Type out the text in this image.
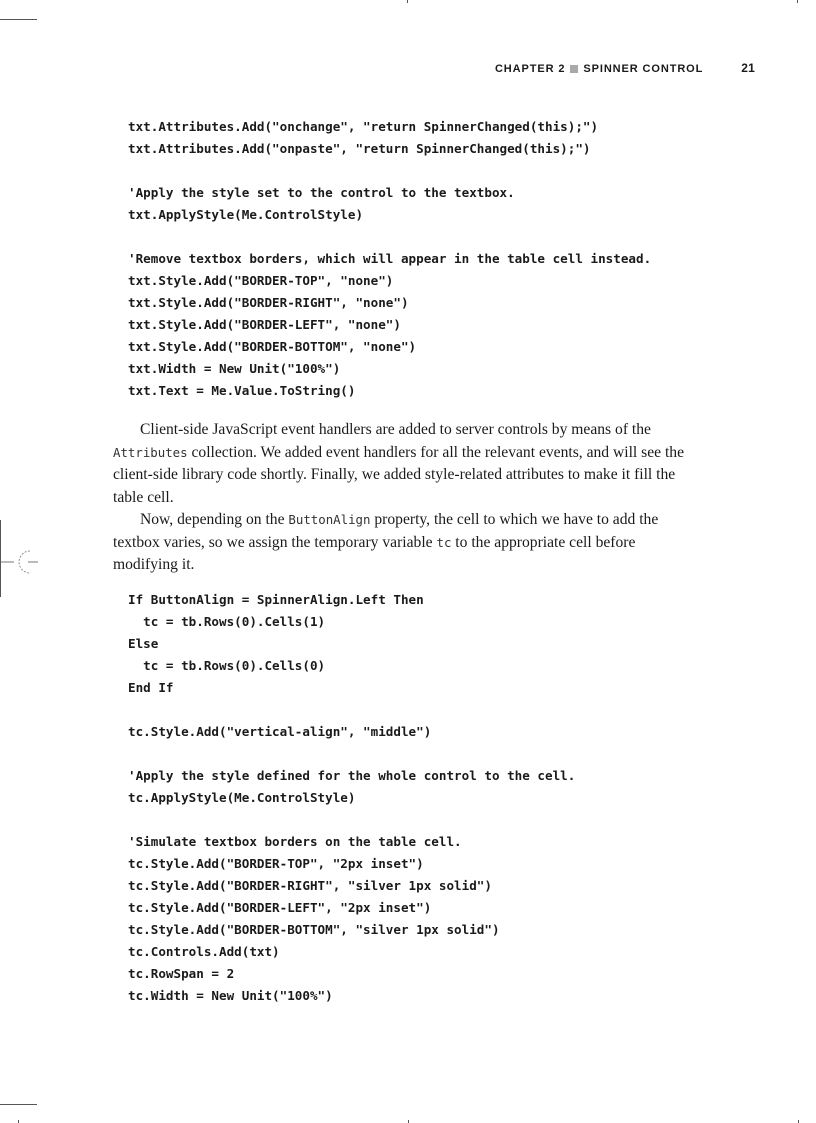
CHAPTER 2 SPINNER CONTROL	21
txt.Attributes.Add("onchange", "return SpinnerChanged(this);")
txt.Attributes.Add("onpaste", "return SpinnerChanged(this);")
'Apply the style set to the control to the textbox.
txt.ApplyStyle(Me.ControlStyle)
'Remove textbox borders, which will appear in the table cell instead.
txt.Style.Add("BORDER-TOP", "none")
txt.Style.Add("BORDER-RIGHT", "none")
txt.Style.Add("BORDER-LEFT", "none")
txt.Style.Add("BORDER-BOTTOM", "none")
txt.Width = New Unit("100%")
txt.Text = Me.Value.ToString()

Client-side JavaScript event handlers are added to server controls by means of the Attributes collection. We added event handlers for all the relevant events, and will see the client-side library code shortly. Finally, we added style-related attributes to make it fill the table cell.

Now, depending on the ButtonAlign property, the cell to which we have to add the textbox varies, so we assign the temporary variable tc to the appropriate cell before modifying it.

If ButtonAlign = SpinnerAlign.Left Then
tc = tb.Rows(0).Cells(1)
Else
tc = tb.Rows(0).Cells(0)
End If
tc.Style.Add("vertical-align", "middle")
'Apply the style defined for the whole control to the cell.
tc.ApplyStyle(Me.ControlStyle)
'Simulate textbox borders on the table cell.
tc.Style.Add("BORDER-TOP", "2px inset")
tc.Style.Add("BORDER-RIGHT", "silver 1px solid")
tc.Style.Add("BORDER-LEFT", "2px inset")
tc.Style.Add("BORDER-BOTTOM", "silver 1px solid")
tc.Controls.Add(txt)
tc.RowSpan = 2
tc.Width = New Unit("100%")
